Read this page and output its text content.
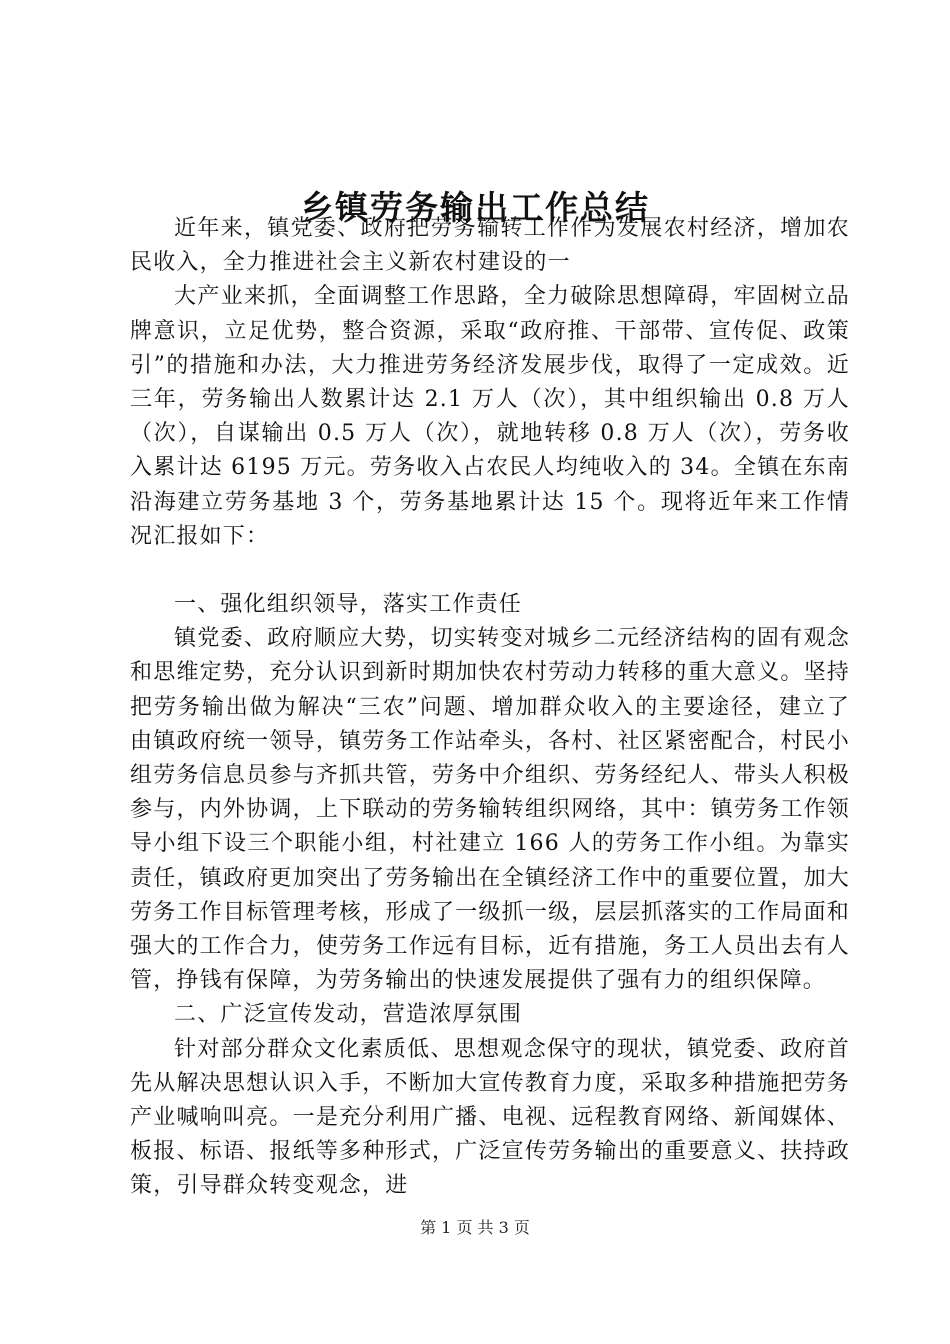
乡镇劳务输出工作总结

近年来，镇党委、政府把劳务输转工作作为发展农村经济，增加农民收入，全力推进社会主义新农村建设的一

大产业来抓，全面调整工作思路，全力破除思想障碍，牢固树立品牌意识，立足优势，整合资源，采取“政府推、干部带、宣传促、政策引”的措施和办法，大力推进劳务经济发展步伐，取得了一定成效。近三年，劳务输出人数累计达 2.1 万人（次），其中组织输出 0.8 万人（次），自谋输出 0.5 万人（次），就地转移 0.8 万人（次），劳务收入累计达 6195 万元。劳务收入占农民人均纯收入的 34。全镇在东南沿海建立劳务基地 3 个，劳务基地累计达 15 个。现将近年来工作情况汇报如下：

一、强化组织领导，落实工作责任

镇党委、政府顺应大势，切实转变对城乡二元经济结构的固有观念和思维定势，充分认识到新时期加快农村劳动力转移的重大意义。坚持把劳务输出做为解决“三农”问题、增加群众收入的主要途径，建立了由镇政府统一领导，镇劳务工作站牵头，各村、社区紧密配合，村民小组劳务信息员参与齐抓共管，劳务中介组织、劳务经纪人、带头人积极参与，内外协调，上下联动的劳务输转组织网络，其中：镇劳务工作领导小组下设三个职能小组，村社建立 166 人的劳务工作小组。为靠实责任，镇政府更加突出了劳务输出在全镇经济工作中的重要位置，加大劳务工作目标管理考核，形成了一级抓一级，层层抓落实的工作局面和强大的工作合力，使劳务工作远有目标，近有措施，务工人员出去有人管，挣钱有保障，为劳务输出的快速发展提供了强有力的组织保障。

二、广泛宣传发动，营造浓厚氛围

针对部分群众文化素质低、思想观念保守的现状，镇党委、政府首先从解决思想认识入手，不断加大宣传教育力度，采取多种措施把劳务产业喊响叫亮。一是充分利用广播、电视、远程教育网络、新闻媒体、板报、标语、报纸等多种形式，广泛宣传劳务输出的重要意义、扶持政策，引导群众转变观念，进

第 1 页 共 3 页
